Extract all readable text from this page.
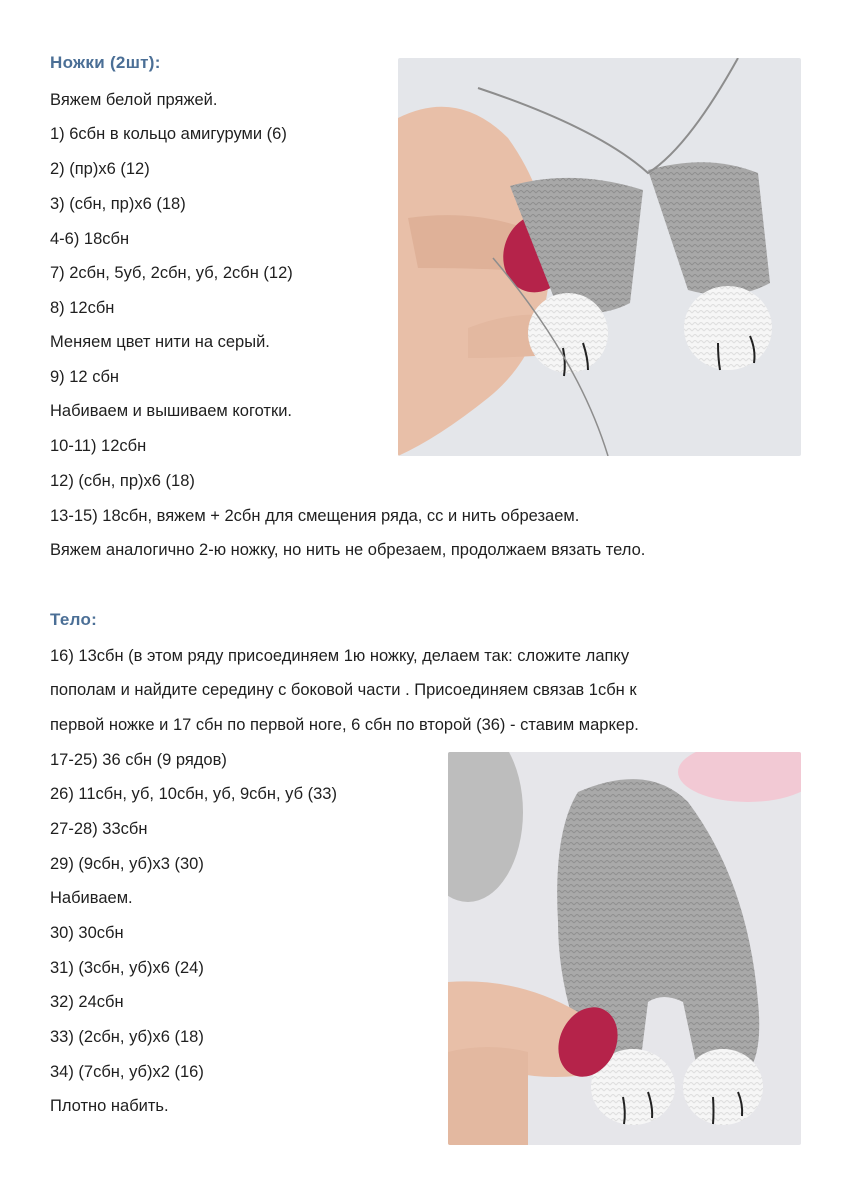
Ножки (2шт):
Вяжем белой пряжей.
1) 6сбн в кольцо амигуруми (6)
2) (пр)х6 (12)
3) (сбн, пр)х6 (18)
4-6) 18сбн
7) 2сбн, 5уб, 2сбн, уб, 2сбн (12)
8) 12сбн
Меняем цвет нити на серый.
9) 12 сбн
Набиваем и вышиваем коготки.
10-11) 12сбн
12) (сбн, пр)х6 (18)
13-15) 18сбн, вяжем + 2сбн для смещения ряда, сс и нить обрезаем.
Вяжем аналогично 2-ю ножку, но нить не обрезаем, продолжаем вязать тело.
Тело:
16) 13сбн (в этом ряду присоединяем 1ю ножку, делаем так: сложите лапку
пополам и найдите середину с боковой части . Присоединяем связав 1сбн к
первой ножке и 17 сбн по первой ноге, 6 сбн по второй (36) - ставим маркер.
17-25) 36 сбн (9 рядов)
26) 11сбн, уб, 10сбн, уб, 9сбн, уб (33)
27-28) 33сбн
29) (9сбн, уб)х3 (30)
Набиваем.
30) 30сбн
31) (3сбн, уб)х6 (24)
32) 24сбн
33) (2сбн, уб)х6 (18)
34) (7сбн, уб)х2 (16)
Плотно набить.
